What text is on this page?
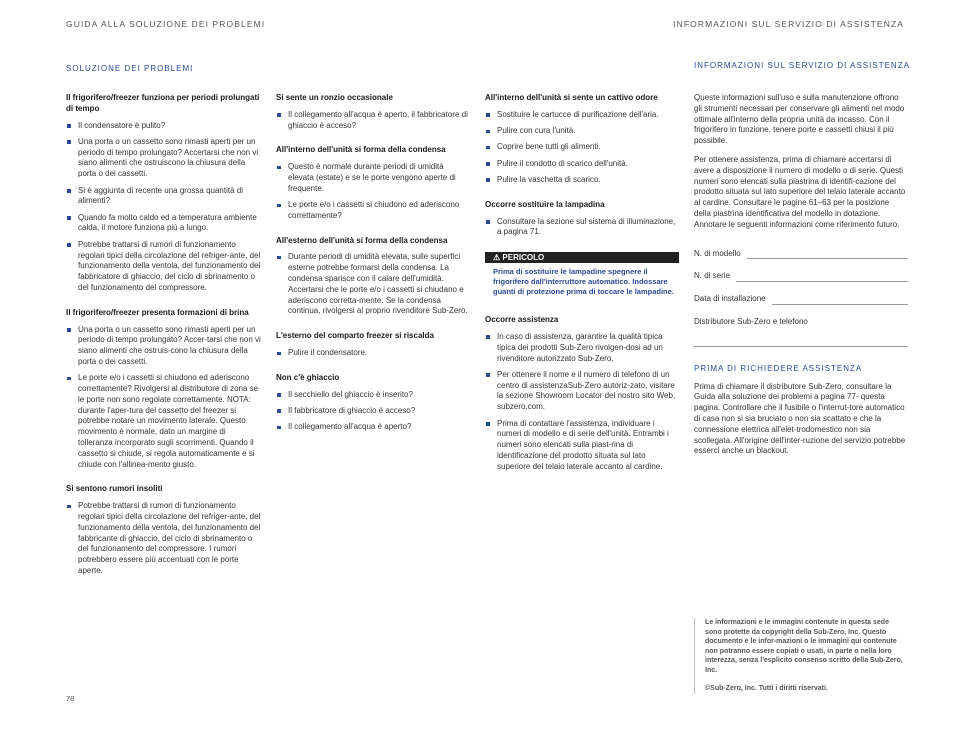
GUIDA ALLA SOLUZIONE DEI PROBLEMI	INFORMAZIONI SUL SERVIZIO DI ASSISTENZA
SOLUZIONE DEI PROBLEMI	INFORMAZIONI SUL SERVIZIO DI ASSISTENZA
Il frigorifero/freezer funziona per periodi prolungati di tempo
Il condensatore è pulito?
Una porta o un cassetto sono rimasti aperti per un periodo di tempo prolungato? Accertarsi che non vi siano alimenti che ostruiscono la chiusura della porta o dei cassetti.
Si è aggiunta di recente una grossa quantità di alimenti?
Quando fa molto caldo ed a temperatura ambiente calda, il motore funziona più a lungo.
Potrebbe trattarsi di rumori di funzionamento regolari tipici della circolazione del refriger-ante, del funzionamento della ventola, del funzionamento del fabbricatore di ghiaccio, del ciclo di sbrinamento o del funzionamento del compressore.
Il frigorifero/freezer presenta formazioni di brina
Una porta o un cassetto sono rimasti aperti per un periodo di tempo prolungato? Accer-tarsi che non vi siano alimenti che ostruis-cono la chiusura della porta o dei cassetti.
Le porte e/o i cassetti si chiudono ed aderiscono correttamente? Rivolgersi al distributore di zona se le porte non sono regolate correttamente. NOTA: durante l'aper-tura del cassetto del freezer si potrebbe notare un movimento laterale. Questo movimento è normale, dato un margine di tolleranza incorporato sugli scorrimenti. Quando il cassetto si chiude, si regola automaticamente e si chiude con l'allinea-mento giusto.
Si sentono rumori insoliti
Potrebbe trattarsi di rumori di funzionamento regolari tipici della circolazione del refriger-ante, del funzionamento della ventola, del funzionamento del fabbricante di ghiaccio, del ciclo di sbrinamento o del funzionamento del compressore. I rumori potrebbero essere più accentuati con le porte aperte.
Si sente un ronzio occasionale
Il collegamento all'acqua è aperto, il fabbricatore di ghiaccio è acceso?
All'interno dell'unità si forma della condensa
Questo è normale durante periodi di umidità elevata (estate) e se le porte vengono aperte di frequente.
Le porte e/o i cassetti si chiudono ed aderiscono correttamente?
All'esterno dell'unità si forma della condensa
Durante periodi di umidità elevata, sulle superfici esterne potrebbe formarsi della condensa. La condensa sparisce con il calare dell'umidità. Accertarsi che le porte e/o i cassetti si chiudano e aderiscono corretta-mente. Se la condensa continua, rivolgersi al proprio rivenditore Sub-Zero.
L'esterno del comparto freezer si riscalda
Pulire il condensatore.
Non c'è ghiaccio
Il secchiello del ghiaccio è inserito?
Il fabbricatore di ghiaccio è acceso?
Il collegamento all'acqua è aperto?
All'interno dell'unità si sente un cattivo odore
Sostituire le cartucce di purificazione dell'aria.
Pulire con cura l'unità.
Coprire bene tutti gli alimenti.
Pulire il condotto di scarico dell'unità.
Pulire la vaschetta di scarico.
Occorre sostituire la lampadina
Consultare la sezione sul sistema di illuminazione, a pagina 71.
⚠ PERICOLO
Prima di sostituire le lampadine spegnere il frigorifero dall'interruttore automatico. Indossare guanti di protezione prima di toccare le lampadine.
Occorre assistenza
In caso di assistenza, garantire la qualità tipica tipica dei prodotti Sub-Zero rivolgen-dosi ad un rivenditore autorizzato Sub-Zero.
Per ottenere il nome e il numero di telefono di un centro di assistenzaSub-Zero autoriz-zato, visitare la sezione Showroom Locator del nostro sito Web, subzero.com.
Prima di contattare l'assistenza, individuare i numeri di modello e di serie dell'unità. Entrambi i numeri sono elencati sulla piast-rina di identificazione del prodotto situata sul lato superiore del telaio laterale accanto al cardine.
Queste informazioni sull'uso e sulla manutenzione offrono gli strumenti necessari per conservare gli alimenti nel modo ottimale all'interno della propria unità da incasso. Con il frigorifero in funzione, tenere porte e cassetti chiusi il più possibile.
Per ottenere assistenza, prima di chiamare accertarsi di avere a disposizione il numero di modello o di serie. Questi numeri sono elencati sulla piastrina di identifi-cazione del prodotto situata sul lato superiore del telaio laterale accanto al cardine. Consultare le pagine 61–63 per la posizione della piastrina identificativa del modello in dotazione. Annotare le seguenti informazioni come riferimento futuro.
N. di modello
N. di serie
Data di installazione
Distributore Sub-Zero e telefono
PRIMA DI RICHIEDERE ASSISTENZA
Prima di chiamare il distributore Sub-Zero, consultare la Guida alla soluzione dei problemi a pagina 77- questa pagina. Controllare che il fusibile o l'interrut-tore automatico di casa non si sia bruciato o non sia scattato e che la connessione elettrica all'elet-trodomestico non sia scollegata. All'origine dell'inter-ruzione del servizio potrebbe esserci anche un blackout.
Le informazioni e le immagini contenute in questa sede sono protette da copyright della Sub-Zero, Inc. Questo documento e le infor-mazioni o le immagini qui contenute non potranno essere copiati o usati, in parte o nella loro interezza, senza l'esplicito consenso scritto della Sub-Zero, Inc.
©Sub-Zero, Inc. Tutti i diritti riservati.
78
